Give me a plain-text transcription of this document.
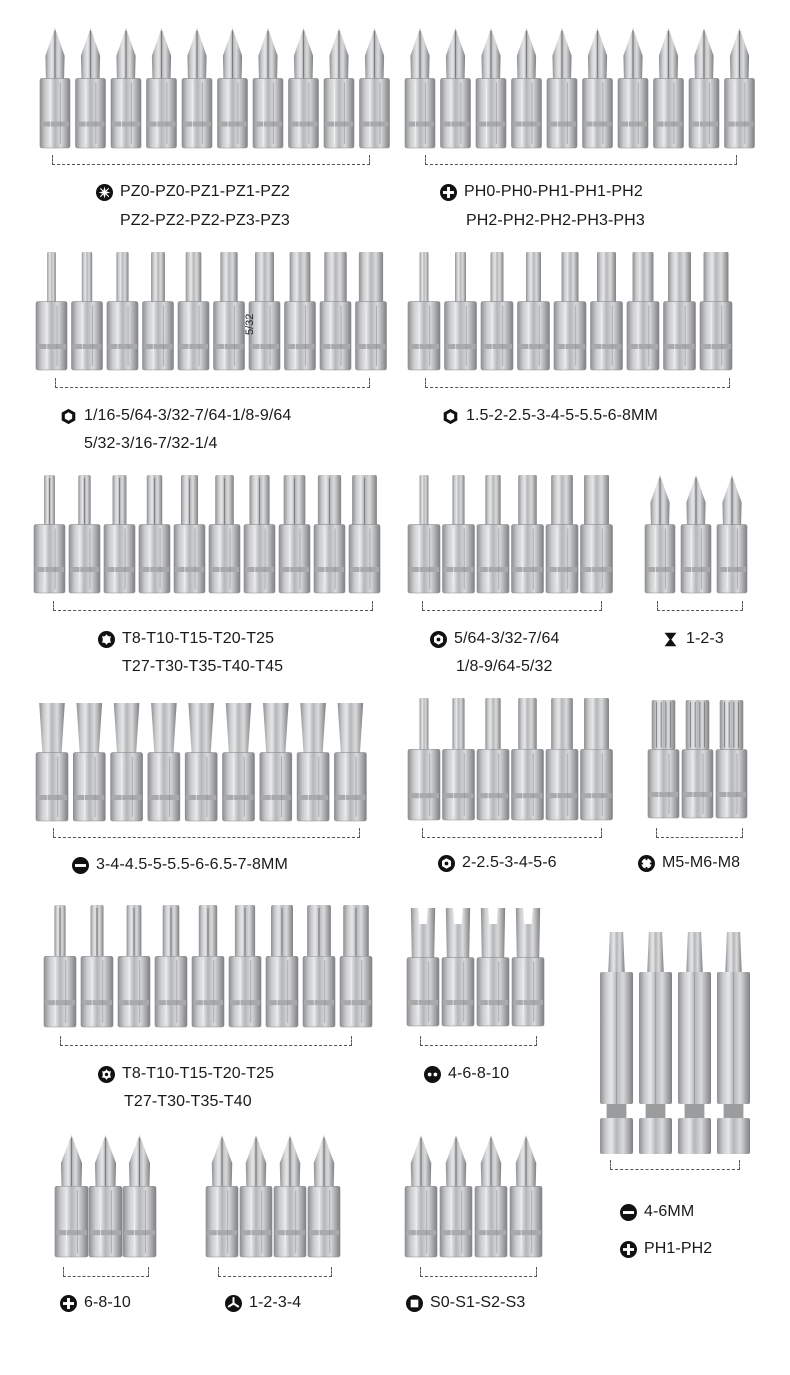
PZ0-PZ0-PZ1-PZ1-PZ2
PZ2-PZ2-PZ2-PZ3-PZ3
PH0-PH0-PH1-PH1-PH2
PH2-PH2-PH2-PH3-PH3
1/16-5/64-3/32-7/64-1/8-9/64
5/32-3/16-7/32-1/4
5/32
1.5-2-2.5-3-4-5-5.5-6-8MM
T8-T10-T15-T20-T25
T27-T30-T35-T40-T45
5/64-3/32-7/64
1/8-9/64-5/32
1-2-3
3-4-4.5-5-5.5-6-6.5-7-8MM	2-2.5-3-4-5-6	M5-M6-M8
T8-T10-T15-T20-T25
T27-T30-T35-T40
4-6-8-10
4-6MM
PH1-PH2
6-8-10	1-2-3-4	S0-S1-S2-S3
